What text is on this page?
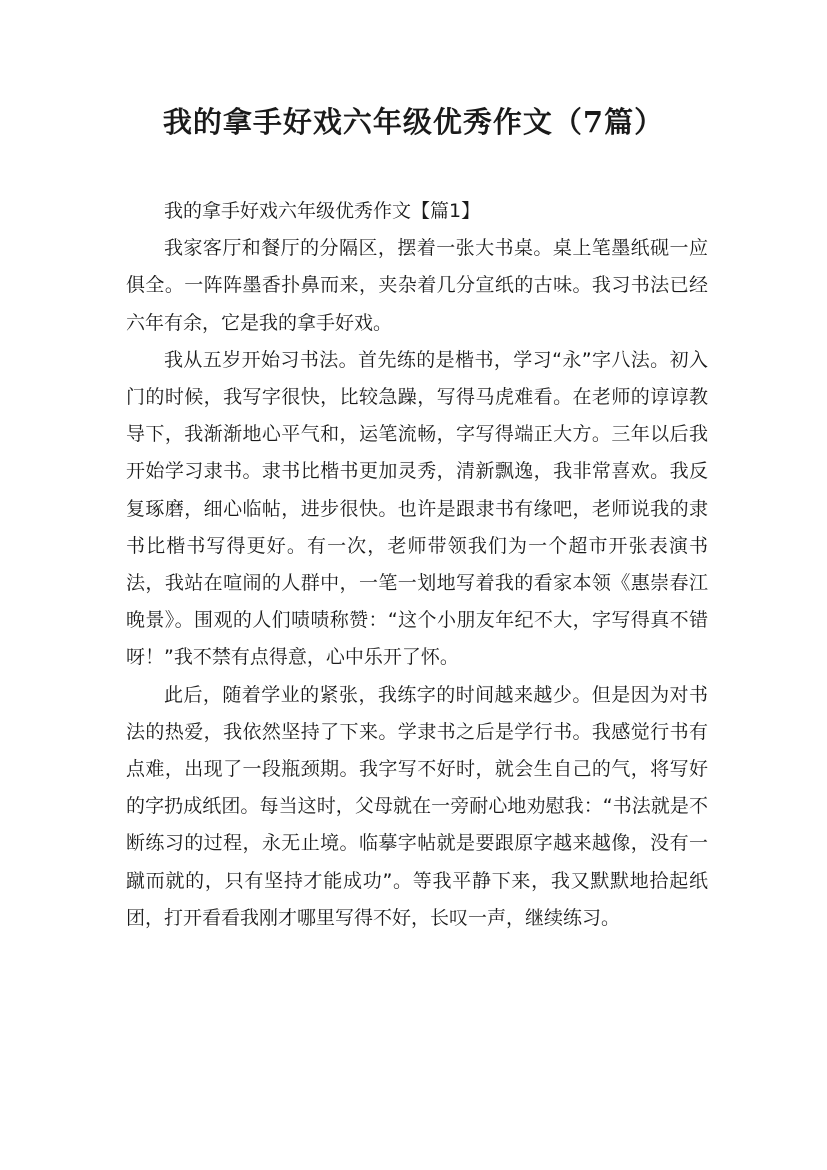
我的拿手好戏六年级优秀作文（7篇）

我的拿手好戏六年级优秀作文【篇1】

我家客厅和餐厅的分隔区，摆着一张大书桌。桌上笔墨纸砚一应俱全。一阵阵墨香扑鼻而来，夹杂着几分宣纸的古味。我习书法已经六年有余，它是我的拿手好戏。

我从五岁开始习书法。首先练的是楷书，学习“永”字八法。初入门的时候，我写字很快，比较急躁，写得马虎难看。在老师的谆谆教导下，我渐渐地心平气和，运笔流畅，字写得端正大方。三年以后我开始学习隶书。隶书比楷书更加灵秀，清新飘逸，我非常喜欢。我反复琢磨，细心临帖，进步很快。也许是跟隶书有缘吧，老师说我的隶书比楷书写得更好。有一次，老师带领我们为一个超市开张表演书法，我站在喧闹的人群中，一笔一划地写着我的看家本领《惠崇春江晚景》。围观的人们啧啧称赞：“这个小朋友年纪不大，字写得真不错呀！”我不禁有点得意，心中乐开了怀。

此后，随着学业的紧张，我练字的时间越来越少。但是因为对书法的热爱，我依然坚持了下来。学隶书之后是学行书。我感觉行书有点难，出现了一段瓶颈期。我字写不好时，就会生自己的气，将写好的字扔成纸团。每当这时，父母就在一旁耐心地劝慰我：“书法就是不断练习的过程，永无止境。临摹字帖就是要跟原字越来越像，没有一蹴而就的，只有坚持才能成功”。等我平静下来，我又默默地拾起纸团，打开看看我刚才哪里写得不好，长叹一声，继续练习。
